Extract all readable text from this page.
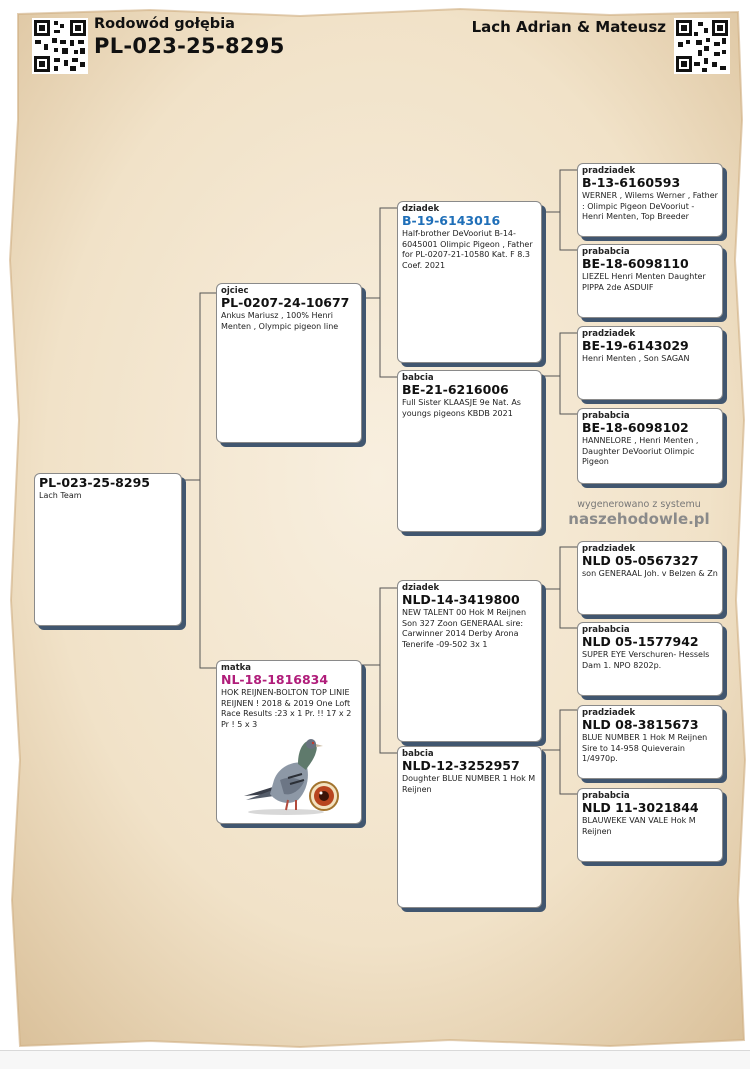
Rodowód gołębia
PL-023-25-8295
Lach Adrian & Mateusz
PL-023-25-8295
Lach Team
ojciec
PL-0207-24-10677
Ankus Mariusz , 100% Henri Menten , Olympic pigeon line
matka
NL-18-1816834
HOK REIJNEN-BOLTON TOP LINIE REIJNEN ! 2018 & 2019 One Loft Race Results :23 x 1 Pr. !! 17 x 2 Pr ! 5 x 3
dziadek
B-19-6143016
Half-brother DeVooriut B-14-6045001 Olimpic Pigeon , Father for PL-0207-21-10580 Kat. F 8.3 Coef. 2021
babcia
BE-21-6216006
Full Sister KLAASJE 9e Nat. As youngs pigeons KBDB 2021
dziadek
NLD-14-3419800
NEW TALENT 00 Hok M Reijnen Son 327 Zoon GENERAAL sire: Carwinner 2014 Derby Arona Tenerife -09-502 3x 1
babcia
NLD-12-3252957
Doughter BLUE NUMBER 1 Hok M Reijnen
pradziadek
B-13-6160593
WERNER , Wilems Werner , Father : Olimpic Pigeon DeVooriut - Henri Menten, Top Breeder
prababcia
BE-18-6098110
LIEZEL Henri Menten Daughter PIPPA 2de ASDUIF
pradziadek
BE-19-6143029
Henri Menten , Son SAGAN
prababcia
BE-18-6098102
HANNELORE , Henri Menten , Daughter DeVooriut Olimpic Pigeon
pradziadek
NLD 05-0567327
son GENERAAL Joh. v Belzen & Zn
prababcia
NLD 05-1577942
SUPER EYE Verschuren- Hessels Dam 1. NPO 8202p.
pradziadek
NLD 08-3815673
BLUE NUMBER 1 Hok M Reijnen Sire to 14-958 Quieverain 1/4970p.
prababcia
NLD 11-3021844
BLAUWEKE VAN VALE Hok M Reijnen
wygenerowano z systemu
naszehodowle.pl
